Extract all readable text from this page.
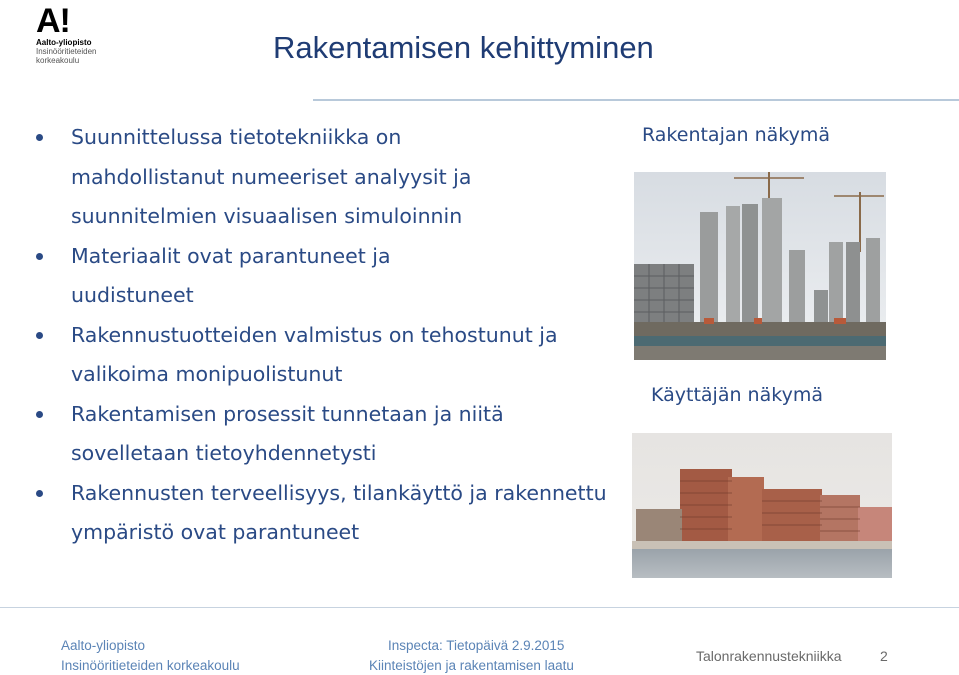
A!
Aalto-yliopisto
Insinööritieteiden
korkeakoulu	Rakentamisen kehittyminen
Suunnittelussa tietotekniikka on mahdollistanut numeeriset analyysit ja suunnitelmien visuaalisen simuloinnin
Materiaalit ovat parantuneet ja uudistuneet
Rakennustuotteiden valmistus on tehostunut ja valikoima monipuolistunut
Rakentamisen prosessit tunnetaan ja niitä sovelletaan tietoyhdennetysti
Rakennusten terveellisyys, tilankäyttö ja rakennettu ympäristö ovat parantuneet
Rakentajan näkymä
Käyttäjän näkymä
Aalto-yliopisto
Insinööritieteiden korkeakoulu
Inspecta: Tietopäivä 2.9.2015
Kiinteistöjen ja rakentamisen laatu
Talonrakennustekniikka	2
